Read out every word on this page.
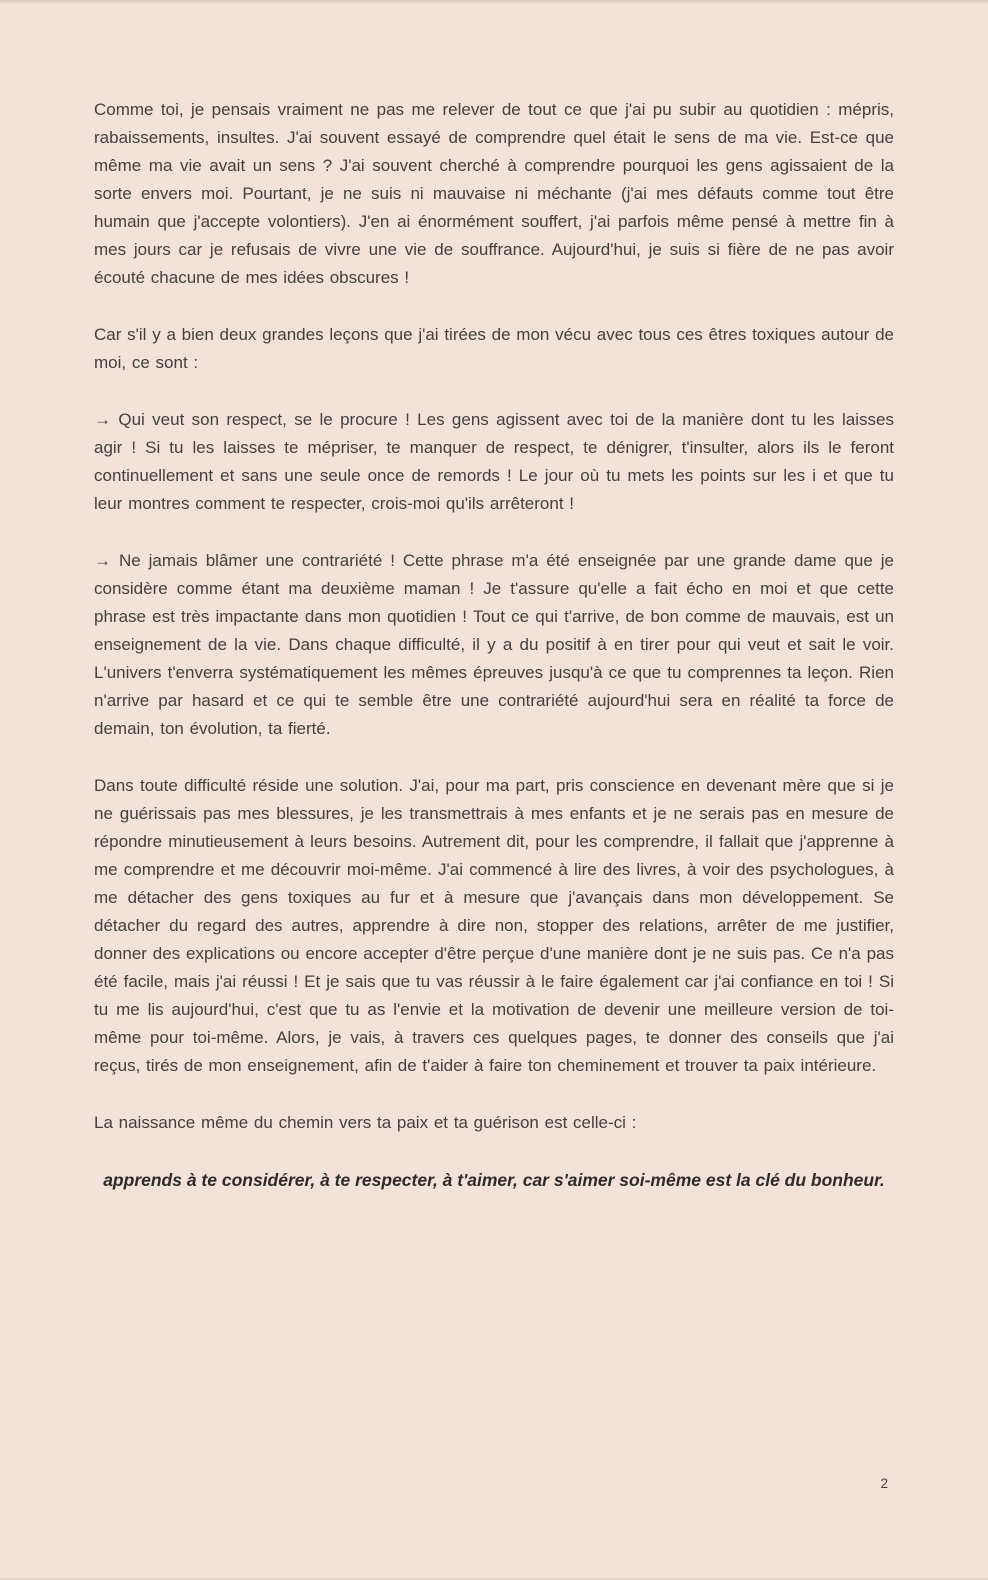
Comme toi, je pensais vraiment ne pas me relever de tout ce que j'ai pu subir au quotidien : mépris, rabaissements, insultes. J'ai souvent essayé de comprendre quel était le sens de ma vie. Est-ce que même ma vie avait un sens ? J'ai souvent cherché à comprendre pourquoi les gens agissaient de la sorte envers moi. Pourtant, je ne suis ni mauvaise ni méchante (j'ai mes défauts comme tout être humain que j'accepte volontiers). J'en ai énormément souffert, j'ai parfois même pensé à mettre fin à mes jours car je refusais de vivre une vie de souffrance. Aujourd'hui, je suis si fière de ne pas avoir écouté chacune de mes idées obscures !

Car s'il y a bien deux grandes leçons que j'ai tirées de mon vécu avec tous ces êtres toxiques autour de moi, ce sont :

→ Qui veut son respect, se le procure ! Les gens agissent avec toi de la manière dont tu les laisses agir ! Si tu les laisses te mépriser, te manquer de respect, te dénigrer, t'insulter, alors ils le feront continuellement et sans une seule once de remords ! Le jour où tu mets les points sur les i et que tu leur montres comment te respecter, crois-moi qu'ils arrêteront !

→ Ne jamais blâmer une contrariété ! Cette phrase m'a été enseignée par une grande dame que je considère comme étant ma deuxième maman ! Je t'assure qu'elle a fait écho en moi et que cette phrase est très impactante dans mon quotidien ! Tout ce qui t'arrive, de bon comme de mauvais, est un enseignement de la vie. Dans chaque difficulté, il y a du positif à en tirer pour qui veut et sait le voir. L'univers t'enverra systématiquement les mêmes épreuves jusqu'à ce que tu comprennes ta leçon. Rien n'arrive par hasard et ce qui te semble être une contrariété aujourd'hui sera en réalité ta force de demain, ton évolution, ta fierté.

Dans toute difficulté réside une solution. J'ai, pour ma part, pris conscience en devenant mère que si je ne guérissais pas mes blessures, je les transmettrais à mes enfants et je ne serais pas en mesure de répondre minutieusement à leurs besoins. Autrement dit, pour les comprendre, il fallait que j'apprenne à me comprendre et me découvrir moi-même. J'ai commencé à lire des livres, à voir des psychologues, à me détacher des gens toxiques au fur et à mesure que j'avançais dans mon développement. Se détacher du regard des autres, apprendre à dire non, stopper des relations, arrêter de me justifier, donner des explications ou encore accepter d'être perçue d'une manière dont je ne suis pas. Ce n'a pas été facile, mais j'ai réussi ! Et je sais que tu vas réussir à le faire également car j'ai confiance en toi ! Si tu me lis aujourd'hui, c'est que tu as l'envie et la motivation de devenir une meilleure version de toi-même pour toi-même. Alors, je vais, à travers ces quelques pages, te donner des conseils que j'ai reçus, tirés de mon enseignement, afin de t'aider à faire ton cheminement et trouver ta paix intérieure.

La naissance même du chemin vers ta paix et ta guérison est celle-ci :

apprends à te considérer, à te respecter, à t'aimer, car s'aimer soi-même est la clé du bonheur.

2
